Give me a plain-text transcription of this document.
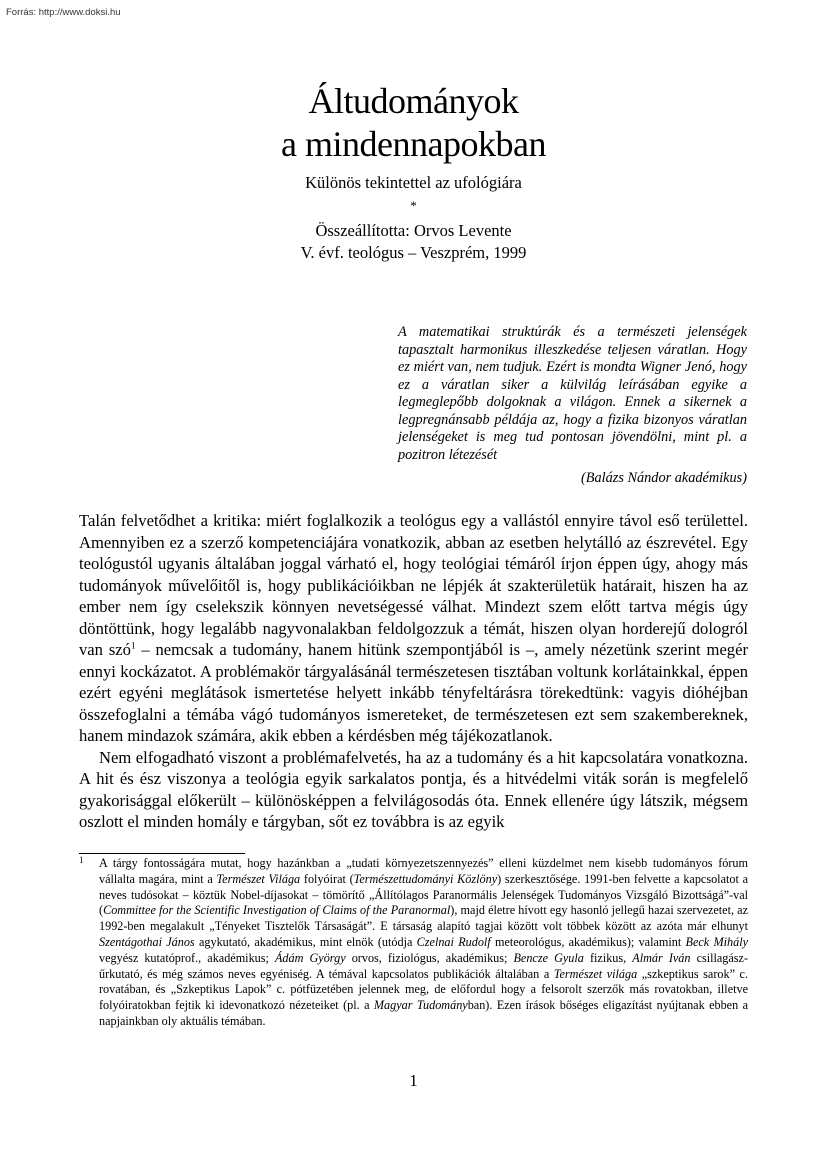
Forrás: http://www.doksi.hu
Áltudományok
a mindennapokban
Különös tekintettel az ufológiára
*
Összeállította: Orvos Levente
V. évf. teológus – Veszprém, 1999
A matematikai struktúrák és a természeti jelenségek tapasztalt harmonikus illeszkedése teljesen váratlan. Hogy ez miért van, nem tudjuk. Ezért is mondta Wigner Jenó, hogy ez a váratlan siker a külvilág leírásában egyike a legmeglepőbb dolgoknak a világon. Ennek a sikernek a legpregnánsabb példája az, hogy a fizika bizonyos váratlan jelenségeket is meg tud pontosan jövendölni, mint pl. a pozitron létezését
(Balázs Nándor akadémikus)

Talán felvetődhet a kritika: miért foglalkozik a teológus egy a vallástól ennyire távol eső területtel. Amennyiben ez a szerző kompetenciájára vonatkozik, abban az esetben helytálló az észrevétel. Egy teológustól ugyanis általában joggal várható el, hogy teológiai témáról írjon éppen úgy, ahogy más tudományok művelőitől is, hogy publikációikban ne lépjék át szakterületük határait, hiszen ha az ember nem így cselekszik könnyen nevetségessé válhat. Mindezt szem előtt tartva mégis úgy döntöttünk, hogy legalább nagyvonalakban feldolgozzuk a témát, hiszen olyan horderejű dologról van szó$^1$ – nemcsak a tudomány, hanem hitünk szempontjából is –, amely nézetünk szerint megér ennyi kockázatot. A problémakör tárgyalásánál természetesen tisztában voltunk korlátainkkal, éppen ezért egyéni meglátások ismertetése helyett inkább tényfeltárásra törekedtünk: vagyis dióhéjban összefoglalni a témába vágó tudományos ismereteket, de természetesen ezt sem szakembereknek, hanem mindazok számára, akik ebben a kérdésben még tájékozatlanok.

Nem elfogadható viszont a problémafelvetés, ha az a tudomány és a hit kapcsolatára vonatkozna. A hit és ész viszonya a teológia egyik sarkalatos pontja, és a hitvédelmi viták során is megfelelő gyakorisággal előkerült – különösképpen a felvilágosodás óta. Ennek ellenére úgy látszik, mégsem oszlott el minden homály e tárgyban, sőt ez továbbra is az egyik

1 A tárgy fontosságára mutat, hogy hazánkban a „tudati környezetszennyezés” elleni küzdelmet nem kisebb tudományos fórum vállalta magára, mint a Természet Világa folyóirat (Természettudományi Közlöny) szerkesztősége. 1991-ben felvette a kapcsolatot a neves tudósokat – köztük Nobel-díjasokat – tömörítő „Állítólagos Paranormális Jelenségek Tudományos Vizsgáló Bizottságá”-val (Committee for the Scientific Investigation of Claims of the Paranormal), majd életre hívott egy hasonló jellegű hazai szervezetet, az 1992-ben megalakult „Tényeket Tisztelők Társaságát”. E társaság alapító tagjai között volt többek között az azóta már elhunyt Szentágothai János agykutató, akadémikus, mint elnök (utódja Czelnai Rudolf meteorológus, akadémikus); valamint Beck Mihály vegyész kutatóprof., akadémikus; Ádám György orvos, fiziológus, akadémikus; Bencze Gyula fizikus, Almár Iván csillagász-űrkutató, és még számos neves egyéniség. A témával kapcsolatos publikációk általában a Természet világa „szkeptikus sarok” c. rovatában, és „Szkeptikus Lapok” c. pótfüzetében jelennek meg, de előfordul hogy a felsorolt szerzők más rovatokban, illetve folyóiratokban fejtik ki idevonatkozó nézeteiket (pl. a Magyar Tudományban). Ezen írások bőséges eligazítást nyújtanak ebben a napjainkban oly aktuális témában.
1
